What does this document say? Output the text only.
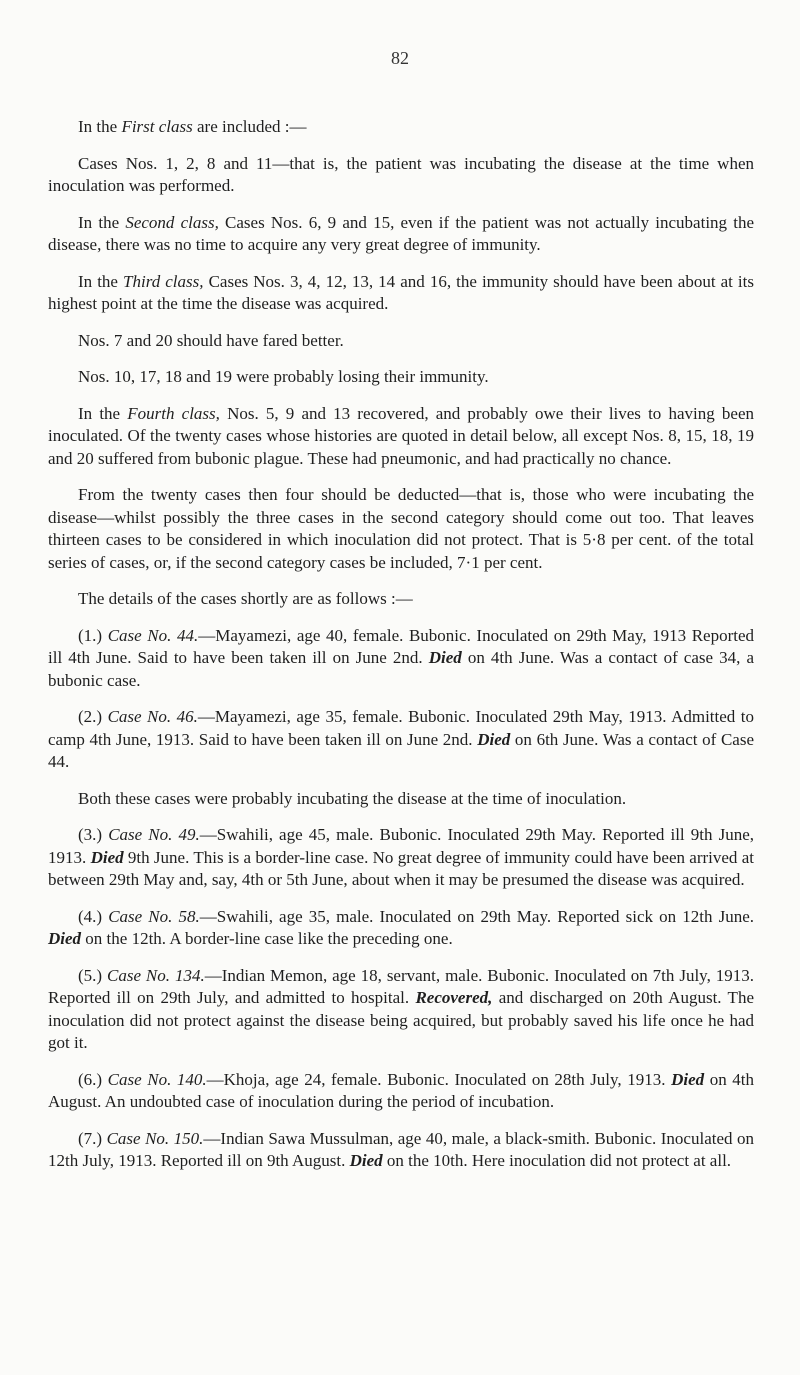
82

In the First class are included :—

Cases Nos. 1, 2, 8 and 11—that is, the patient was incubating the disease at the time when inoculation was performed.

In the Second class, Cases Nos. 6, 9 and 15, even if the patient was not actually incubating the disease, there was no time to acquire any very great degree of immunity.

In the Third class, Cases Nos. 3, 4, 12, 13, 14 and 16, the immunity should have been about at its highest point at the time the disease was acquired.

Nos. 7 and 20 should have fared better.

Nos. 10, 17, 18 and 19 were probably losing their immunity.

In the Fourth class, Nos. 5, 9 and 13 recovered, and probably owe their lives to having been inoculated. Of the twenty cases whose histories are quoted in detail below, all except Nos. 8, 15, 18, 19 and 20 suffered from bubonic plague. These had pneumonic, and had practically no chance.

From the twenty cases then four should be deducted—that is, those who were incubating the disease—whilst possibly the three cases in the second category should come out too. That leaves thirteen cases to be considered in which inoculation did not protect. That is 5·8 per cent. of the total series of cases, or, if the second category cases be included, 7·1 per cent.

The details of the cases shortly are as follows :—

(1.) Case No. 44.—Mayamezi, age 40, female. Bubonic. Inoculated on 29th May, 1913 Reported ill 4th June. Said to have been taken ill on June 2nd. Died on 4th June. Was a contact of case 34, a bubonic case.

(2.) Case No. 46.—Mayamezi, age 35, female. Bubonic. Inoculated 29th May, 1913. Admitted to camp 4th June, 1913. Said to have been taken ill on June 2nd. Died on 6th June. Was a contact of Case 44.

Both these cases were probably incubating the disease at the time of inoculation.

(3.) Case No. 49.—Swahili, age 45, male. Bubonic. Inoculated 29th May. Reported ill 9th June, 1913. Died 9th June. This is a border-line case. No great degree of immunity could have been arrived at between 29th May and, say, 4th or 5th June, about when it may be presumed the disease was acquired.

(4.) Case No. 58.—Swahili, age 35, male. Inoculated on 29th May. Reported sick on 12th June. Died on the 12th. A border-line case like the preceding one.

(5.) Case No. 134.—Indian Memon, age 18, servant, male. Bubonic. Inoculated on 7th July, 1913. Reported ill on 29th July, and admitted to hospital. Recovered, and discharged on 20th August. The inoculation did not protect against the disease being acquired, but probably saved his life once he had got it.

(6.) Case No. 140.—Khoja, age 24, female. Bubonic. Inoculated on 28th July, 1913. Died on 4th August. An undoubted case of inoculation during the period of incubation.

(7.) Case No. 150.—Indian Sawa Mussulman, age 40, male, a black-smith. Bubonic. Inoculated on 12th July, 1913. Reported ill on 9th August. Died on the 10th. Here inoculation did not protect at all.
